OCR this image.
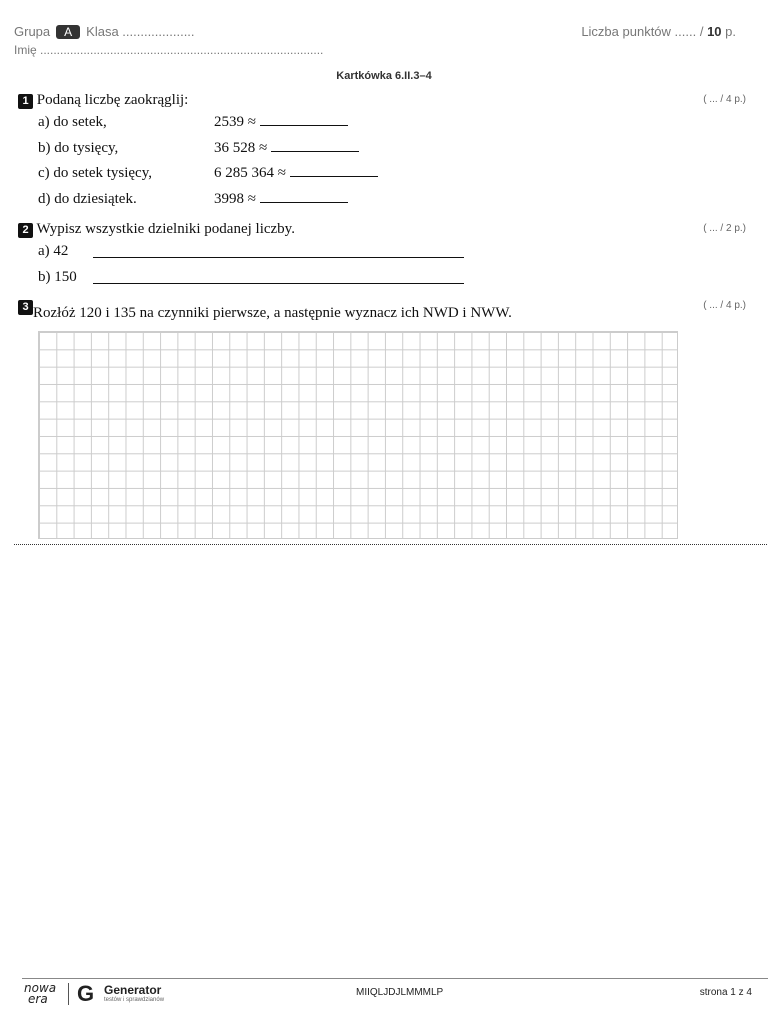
Grupa A Klasa ....................	Liczba punktów ...... / 10 p.
Imię .....................................................................................
Kartkówka 6.II.3–4
1 Podaną liczbę zaokrąglij:	( ... / 4 p.)
a) do setek,	2539 ≈
b) do tysięcy,	36 528 ≈
c) do setek tysięcy,	6 285 364 ≈
d) do dziesiątek.	3998 ≈
2 Wypisz wszystkie dzielniki podanej liczby.	( ... / 2 p.)
a) 42
b) 150
3 Rozłóż 120 i 135 na czynniki pierwsze, a następnie wyznacz ich NWD i NWW.	( ... / 4 p.)
nowa
era	G Generator
testów i sprawdzianów
MIIQLJDJLMMMLP	strona 1 z 4
